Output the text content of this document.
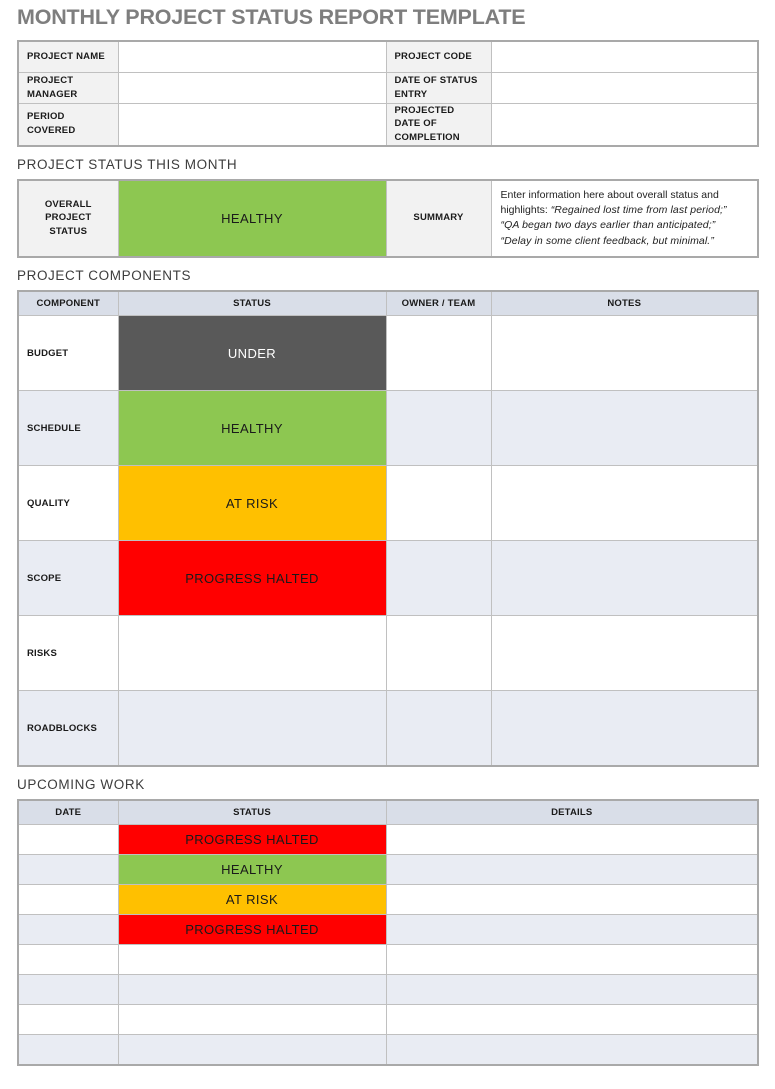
MONTHLY PROJECT STATUS REPORT TEMPLATE
PROJECT NAME		PROJECT CODE	
PROJECT MANAGER		DATE OF STATUS ENTRY	
PERIOD COVERED		PROJECTED DATE OF COMPLETION	
PROJECT STATUS THIS MONTH
OVERALL PROJECT STATUS	HEALTHY	SUMMARY	Enter information here about overall status and highlights: “Regained lost time from last period;” “QA began two days earlier than anticipated;” “Delay in some client feedback, but minimal.”
PROJECT COMPONENTS
COMPONENT	STATUS	OWNER / TEAM	NOTES
BUDGET	UNDER		
SCHEDULE	HEALTHY		
QUALITY	AT RISK		
SCOPE	PROGRESS HALTED		
RISKS			
ROADBLOCKS			
UPCOMING WORK
DATE	STATUS	DETAILS
	PROGRESS HALTED	
	HEALTHY	
	AT RISK	
	PROGRESS HALTED	
